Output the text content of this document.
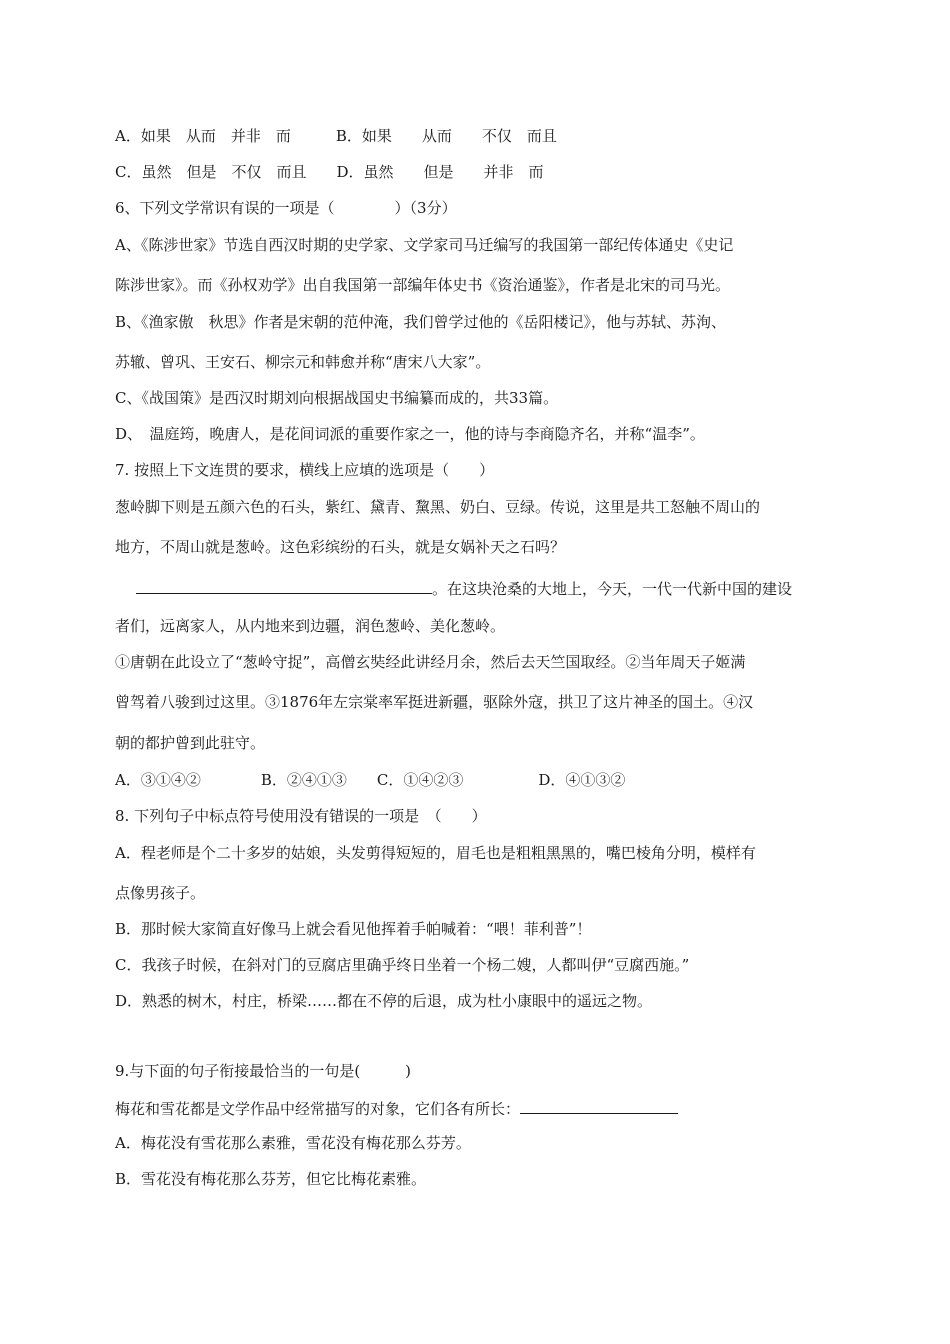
A．如果　从而　并非　而　　　B．如果　　从而　　不仅　而且
C．虽然　但是　不仅　而且　　D．虽然　　但是　　并非　而
6、下列文学常识有误的一项是（　　　　）（3分）
A、《陈涉世家》节选自西汉时期的史学家、文学家司马迁编写的我国第一部纪传体通史《史记
陈涉世家》。而《孙权劝学》出自我国第一部编年体史书《资治通鉴》，作者是北宋的司马光。
B、《渔家傲　秋思》作者是宋朝的范仲淹，我们曾学过他的《岳阳楼记》，他与苏轼、苏洵、
苏辙、曾巩、王安石、柳宗元和韩愈并称“唐宋八大家”。
C、《战国策》是西汉时期刘向根据战国史书编纂而成的，共33篇。
D、　温庭筠，晚唐人，是花间词派的重要作家之一，他的诗与李商隐齐名，并称“温李”。
7. 按照上下文连贯的要求，横线上应填的选项是（　　）
葱岭脚下则是五颜六色的石头，紫红、黛青、黧黑、奶白、豆绿。传说，这里是共工怒触不周山的
地方，不周山就是葱岭。这色彩缤纷的石头，就是女娲补天之石吗？
。在这块沧桑的大地上，今天，一代一代新中国的建设
者们，远离家人，从内地来到边疆，润色葱岭、美化葱岭。
①唐朝在此设立了“葱岭守捉”，高僧玄奘经此讲经月余，然后去天竺国取经。②当年周天子姬满
曾驾着八骏到过这里。③1876年左宗棠率军挺进新疆，驱除外寇，拱卫了这片神圣的国土。④汉
朝的都护曾到此驻守。
A．③①④②　　　　B．②④①③　　C．①④②③　　　　　D．④①③②
8. 下列句子中标点符号使用没有错误的一项是　（　　）
A．程老师是个二十多岁的姑娘，头发剪得短短的，眉毛也是粗粗黑黑的，嘴巴棱角分明，模样有
点像男孩子。
B．那时候大家简直好像马上就会看见他挥着手帕喊着：“喂！菲利普”！
C．我孩子时候，在斜对门的豆腐店里确乎终日坐着一个杨二嫂，人都叫伊“豆腐西施。”
D．熟悉的树木，村庄，桥梁……都在不停的后退，成为杜小康眼中的遥远之物。
9.与下面的句子衔接最恰当的一句是(　　　)
梅花和雪花都是文学作品中经常描写的对象，它们各有所长：
A．梅花没有雪花那么素雅，雪花没有梅花那么芬芳。
B．雪花没有梅花那么芬芳，但它比梅花素雅。
